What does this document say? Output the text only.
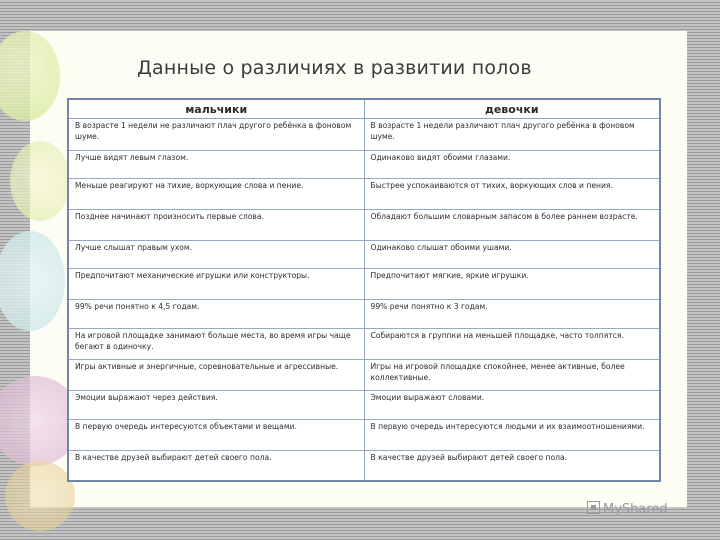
Данные о различиях в развитии полов
мальчики	девочки
В возрасте 1 недели не различают плач другого ребёнка в фоновом шуме.	В возрасте 1 недели различают плач другого ребёнка в фоновом шуме.
Лучше видят левым глазом.	Одинаково видят обоими глазами.
Меньше реагируют на тихие, воркующие слова и пение.	Быстрее успокаиваются от тихих, воркующих слов и пения.
Позднее начинают произносить первые слова.	Обладают большим словарным запасом в более раннем возрасте.
Лучше слышат правым ухом.	Одинаково слышат обоими ушами.
Предпочитают механические игрушки или конструкторы.	Предпочитают мягкие, яркие игрушки.
99% речи понятно к 4,5 годам.	99% речи понятно к 3 годам.
На игровой площадке занимают больше места, во время игры чаще бегают в одиночку.	Собираются в группки на меньшей площадке, часто толпятся.
Игры активные и энергичные, соревновательные и агрессивные.	Игры на игровой площадке спокойнее, менее активные, более коллективные.
Эмоции выражают через действия.	Эмоции выражают словами.
В первую очередь интересуются объектами и вещами.	В первую очередь интересуются людьми и их взаимоотношениями.
В качестве друзей выбирают детей своего пола.	В качестве друзей выбирают детей своего пола.
MyShared
